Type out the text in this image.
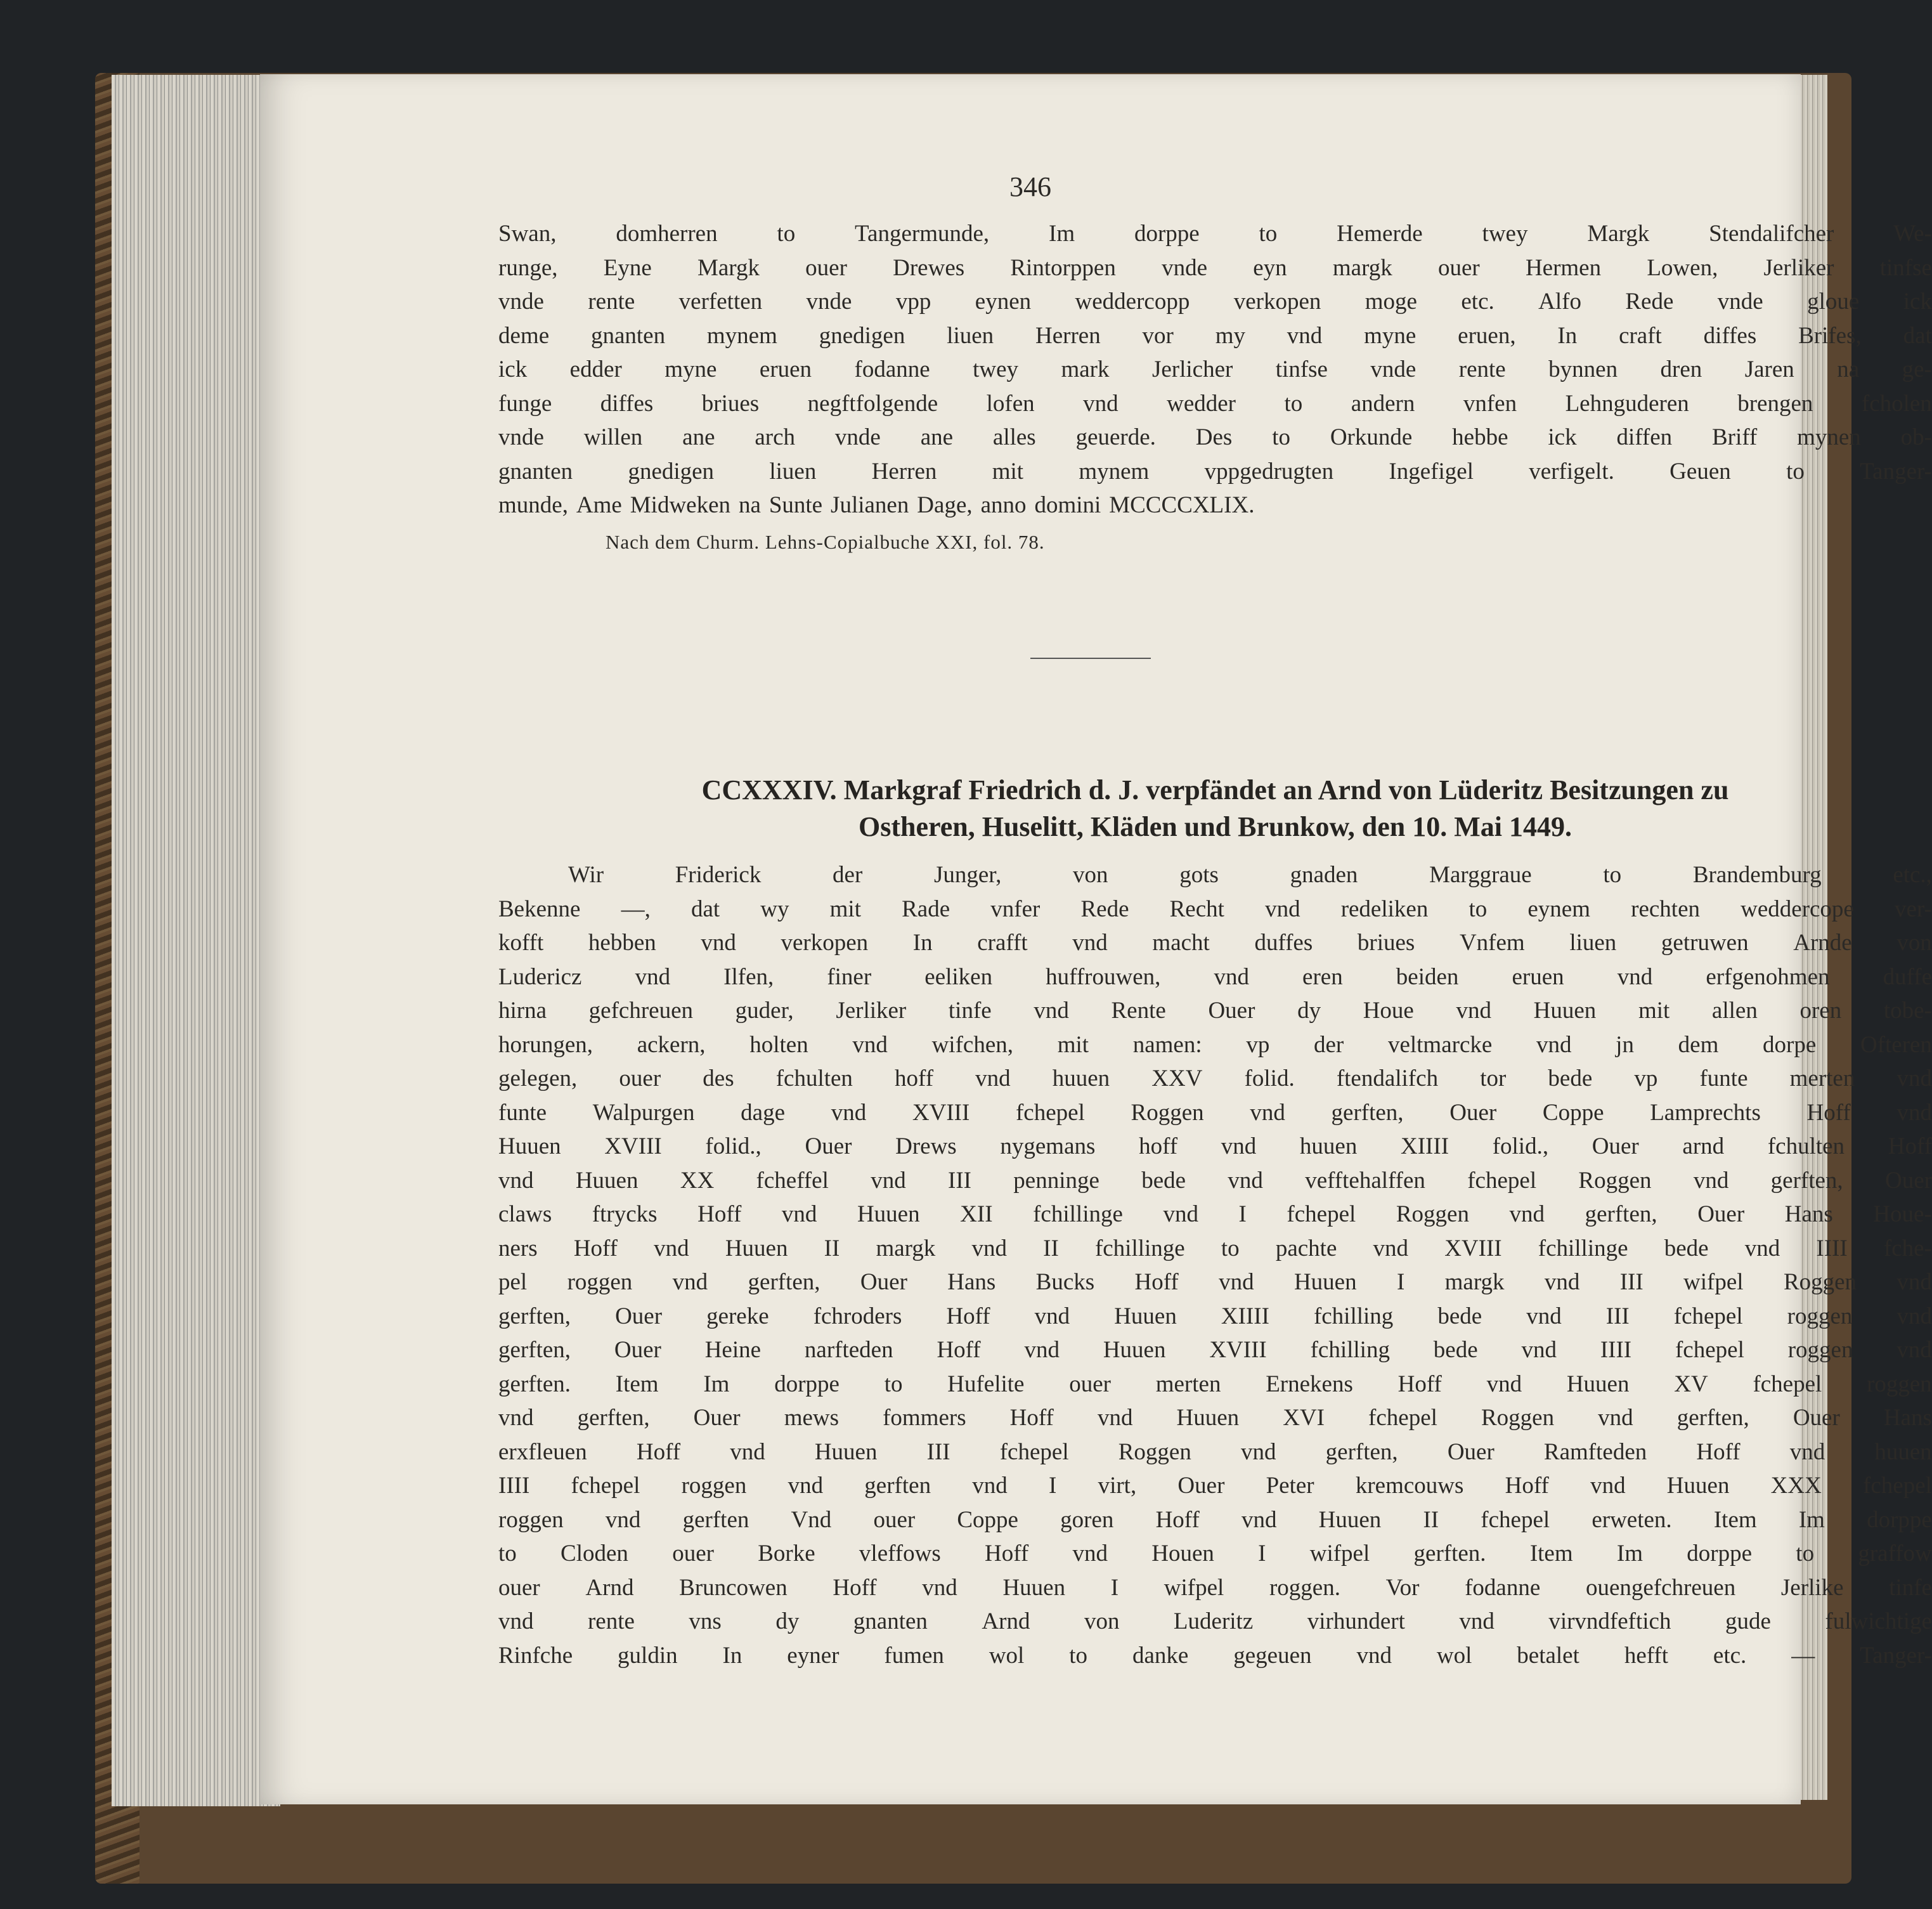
346
Swan,	domherren	to	Tangermunde,	Im	dorppe	to	Hemerde	twey	Margk	Stendalifcher	We-
runge, Eyne Margk ouer Drewes Rintorppen vnde eyn margk ouer Hermen Lowen, Jerliker tinfse
vnde rente verfetten vnde vpp eynen weddercopp verkopen moge etc. Alfo Rede vnde gloue ick
deme gnanten mynem gnedigen liuen Herren vor my vnd myne eruen, In craft diffes Brifes, dat
ick edder myne eruen fodanne twey mark Jerlicher tinfse vnde rente bynnen dren Jaren na ge-
funge diffes briues negftfolgende lofen vnd wedder to andern vnfen Lehnguderen brengen fcholen
vnde willen ane arch vnde ane alles geuerde. Des to Orkunde hebbe ick diffen Briff mynen ob-
gnanten gnedigen liuen Herren mit mynem vppgedrugten Ingefigel verfigelt. Geuen to Tanger-
munde, Ame Midweken na Sunte Julianen Dage, anno domini MCCCCXLIX.
Nach dem Churm. Lehns-Copialbuche XXI, fol. 78.
CCXXXIV. Markgraf Friedrich d. J. verpfändet an Arnd von Lüderitz Besitzungen zu
Ostheren, Huselitt, Kläden und Brunkow, den 10. Mai 1449.
Wir	Friderick	der	Junger,	von	gots	gnaden	Marggraue	to	Brandemburg	etc.,
Bekenne —, dat wy mit Rade vnfer Rede Recht vnd redeliken to eynem rechten weddercope ver-
kofft hebben vnd verkopen In crafft vnd macht duffes briues Vnfem liuen getruwen Arnde von
Ludericz vnd Ilfen, finer eeliken huffrouwen, vnd eren beiden eruen vnd erfgenohmen duffe
hirna gefchreuen guder, Jerliker tinfe vnd Rente Ouer dy Houe vnd Huuen mit allen oren tobe-
horungen, ackern, holten vnd wifchen, mit namen: vp der veltmarcke vnd jn dem dorpe Ofteren
gelegen, ouer des fchulten hoff vnd huuen XXV folid. ftendalifch tor bede vp funte merten vnd
funte Walpurgen dage vnd XVIII fchepel Roggen vnd gerften, Ouer Coppe Lamprechts Hoff vnd
Huuen XVIII folid., Ouer Drews nygemans hoff vnd huuen XIIII folid., Ouer arnd fchulten Hoff
vnd Huuen XX fcheffel vnd III penninge bede vnd vefftehalffen fchepel Roggen vnd gerften, Ouer
claws ftrycks Hoff vnd Huuen XII fchillinge vnd I fchepel Roggen vnd gerften, Ouer Hans Houe-
ners Hoff vnd Huuen II margk vnd II fchillinge to pachte vnd XVIII fchillinge bede vnd IIII fche-
pel roggen vnd gerften, Ouer Hans Bucks Hoff vnd Huuen I margk vnd III wifpel Roggen vnd
gerften, Ouer gereke fchroders Hoff vnd Huuen XIIII fchilling bede vnd III fchepel roggen vnd
gerften, Ouer Heine narfteden Hoff vnd Huuen XVIII fchilling bede vnd IIII fchepel roggen vnd
gerften. Item Im dorppe to Hufelite ouer merten Ernekens Hoff vnd Huuen XV fchepel roggen
vnd gerften, Ouer mews fommers Hoff vnd Huuen XVI fchepel Roggen vnd gerften, Ouer Hans
erxfleuen Hoff vnd Huuen III fchepel Roggen vnd gerften, Ouer Ramfteden Hoff vnd huuen
IIII fchepel roggen vnd gerften vnd I virt, Ouer Peter kremcouws Hoff vnd Huuen XXX fchepel
roggen vnd gerften Vnd ouer Coppe goren Hoff vnd Huuen II fchepel erweten. Item Im dorppe
to Cloden ouer Borke vleffows Hoff vnd Houen I wifpel gerften. Item Im dorppe to graffow
ouer Arnd Bruncowen Hoff vnd Huuen I wifpel roggen. Vor fodanne ouengefchreuen Jerlike tinfe
vnd rente vns dy gnanten Arnd von Luderitz virhundert vnd virvndfeftich gude fulwichtige
Rinfche guldin In eyner fumen wol to danke gegeuen vnd wol betalet hefft etc. — Tanger-
